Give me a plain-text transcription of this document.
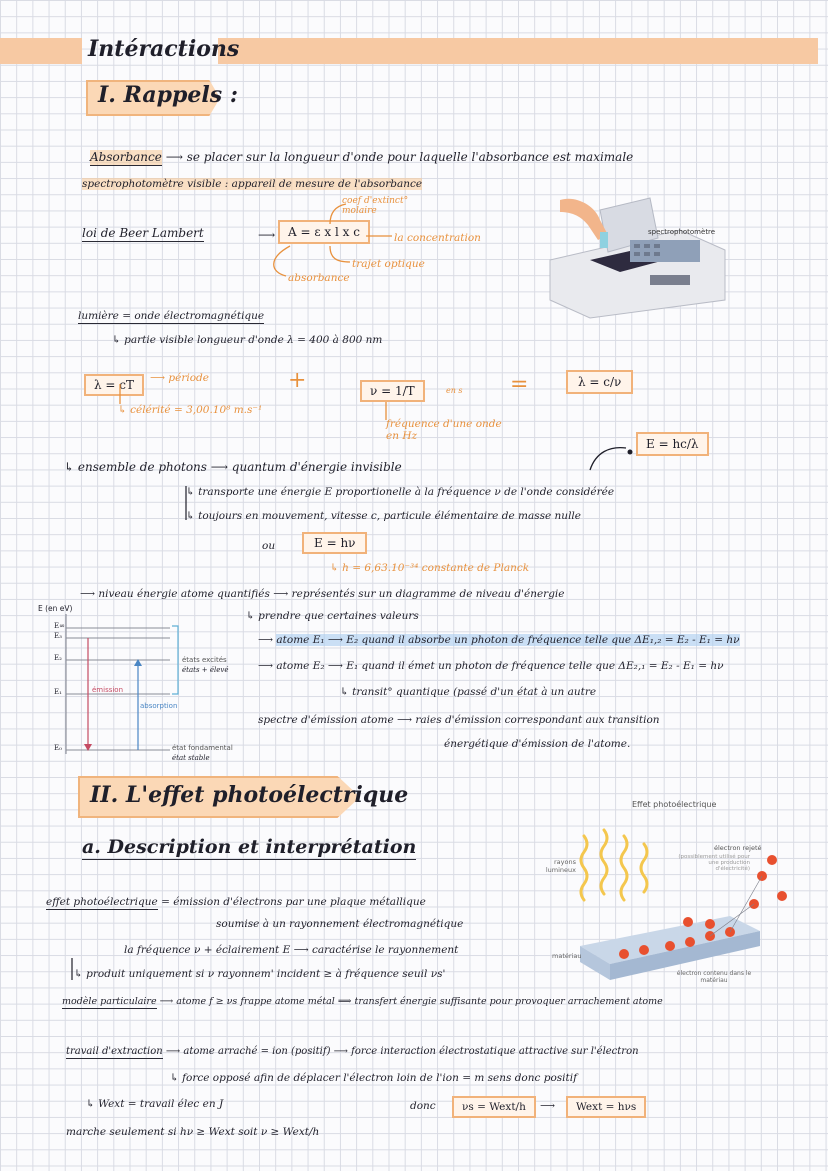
Intéractions
I. Rappels :
Absorbance ⟶ se placer sur la longueur d'onde pour laquelle l'absorbance est maximale
spectrophotomètre visible : appareil de mesure de l'absorbance
loi de Beer Lambert	⟶	A = ε x l x c
coef d'extinct° molaire
la concentration
trajet optique
absorbance
spectrophotomètre
lumière = onde électromagnétique
↳ partie visible longueur d'onde λ = 400 à 800 nm
λ = cT	⟶ période
↳ célérité = 3,00.10⁸ m.s⁻¹
+	ν = 1/T	en s
fréquence d'une onde en Hz
=	λ = c/ν
E = hc/λ
↳ ensemble de photons ⟶ quantum d'énergie invisible
↳ transporte une énergie E proportionelle à la fréquence ν de l'onde considérée
↳ toujours en mouvement, vitesse c, particule élémentaire de masse nulle
ou	E = hν
↳ h = 6,63.10⁻³⁴ constante de Planck
⟶ niveau énergie atome quantifiés ⟶ représentés sur un diagramme de niveau d'énergie
↳ prendre que certaines valeurs
⟶ atome E₁ ⟶ E₂ quand il absorbe un photon de fréquence telle que ΔE₁,₂ = E₂ - E₁ = hν
⟶ atome E₂ ⟶ E₁ quand il émet un photon de fréquence telle que ΔE₂,₁ = E₂ - E₁ = hν
↳ transit° quantique (passé d'un état à un autre
spectre d'émission atome ⟶ raies d'émission correspondant aux transition
énergétique d'émission de l'atome.
E (en eV)
E∞
E₃
E₂
E₁
E₀
états excités
états + élevé
émission
absorption
état fondamental
état stable
II. L'effet photoélectrique
a. Description et interprétation
Effet photoélectrique
rayons lumineux
électron rejeté
(possiblement utilisé pour une production d'électricité)
matériau
électron contenu dans le matériau
effet photoélectrique = émission d'électrons par une plaque métallique
soumise à un rayonnement électromagnétique
la fréquence ν + éclairement E ⟶ caractérise le rayonnement
↳ produit uniquement si ν rayonnem' incident ≥ à fréquence seuil νs'
modèle particulaire ⟶ atome f ≥ νs frappe atome métal ⟹ transfert énergie suffisante pour provoquer arrachement atome
travail d'extraction ⟶ atome arraché = ion (positif) ⟶ force interaction électrostatique attractive sur l'électron
↳ force opposé afin de déplacer l'électron loin de l'ion = m sens donc positif
↳ Wext = travail élec en J	donc	νs = Wext/h	⟶	Wext = hνs
marche seulement si hν ≥ Wext soit ν ≥ Wext/h
